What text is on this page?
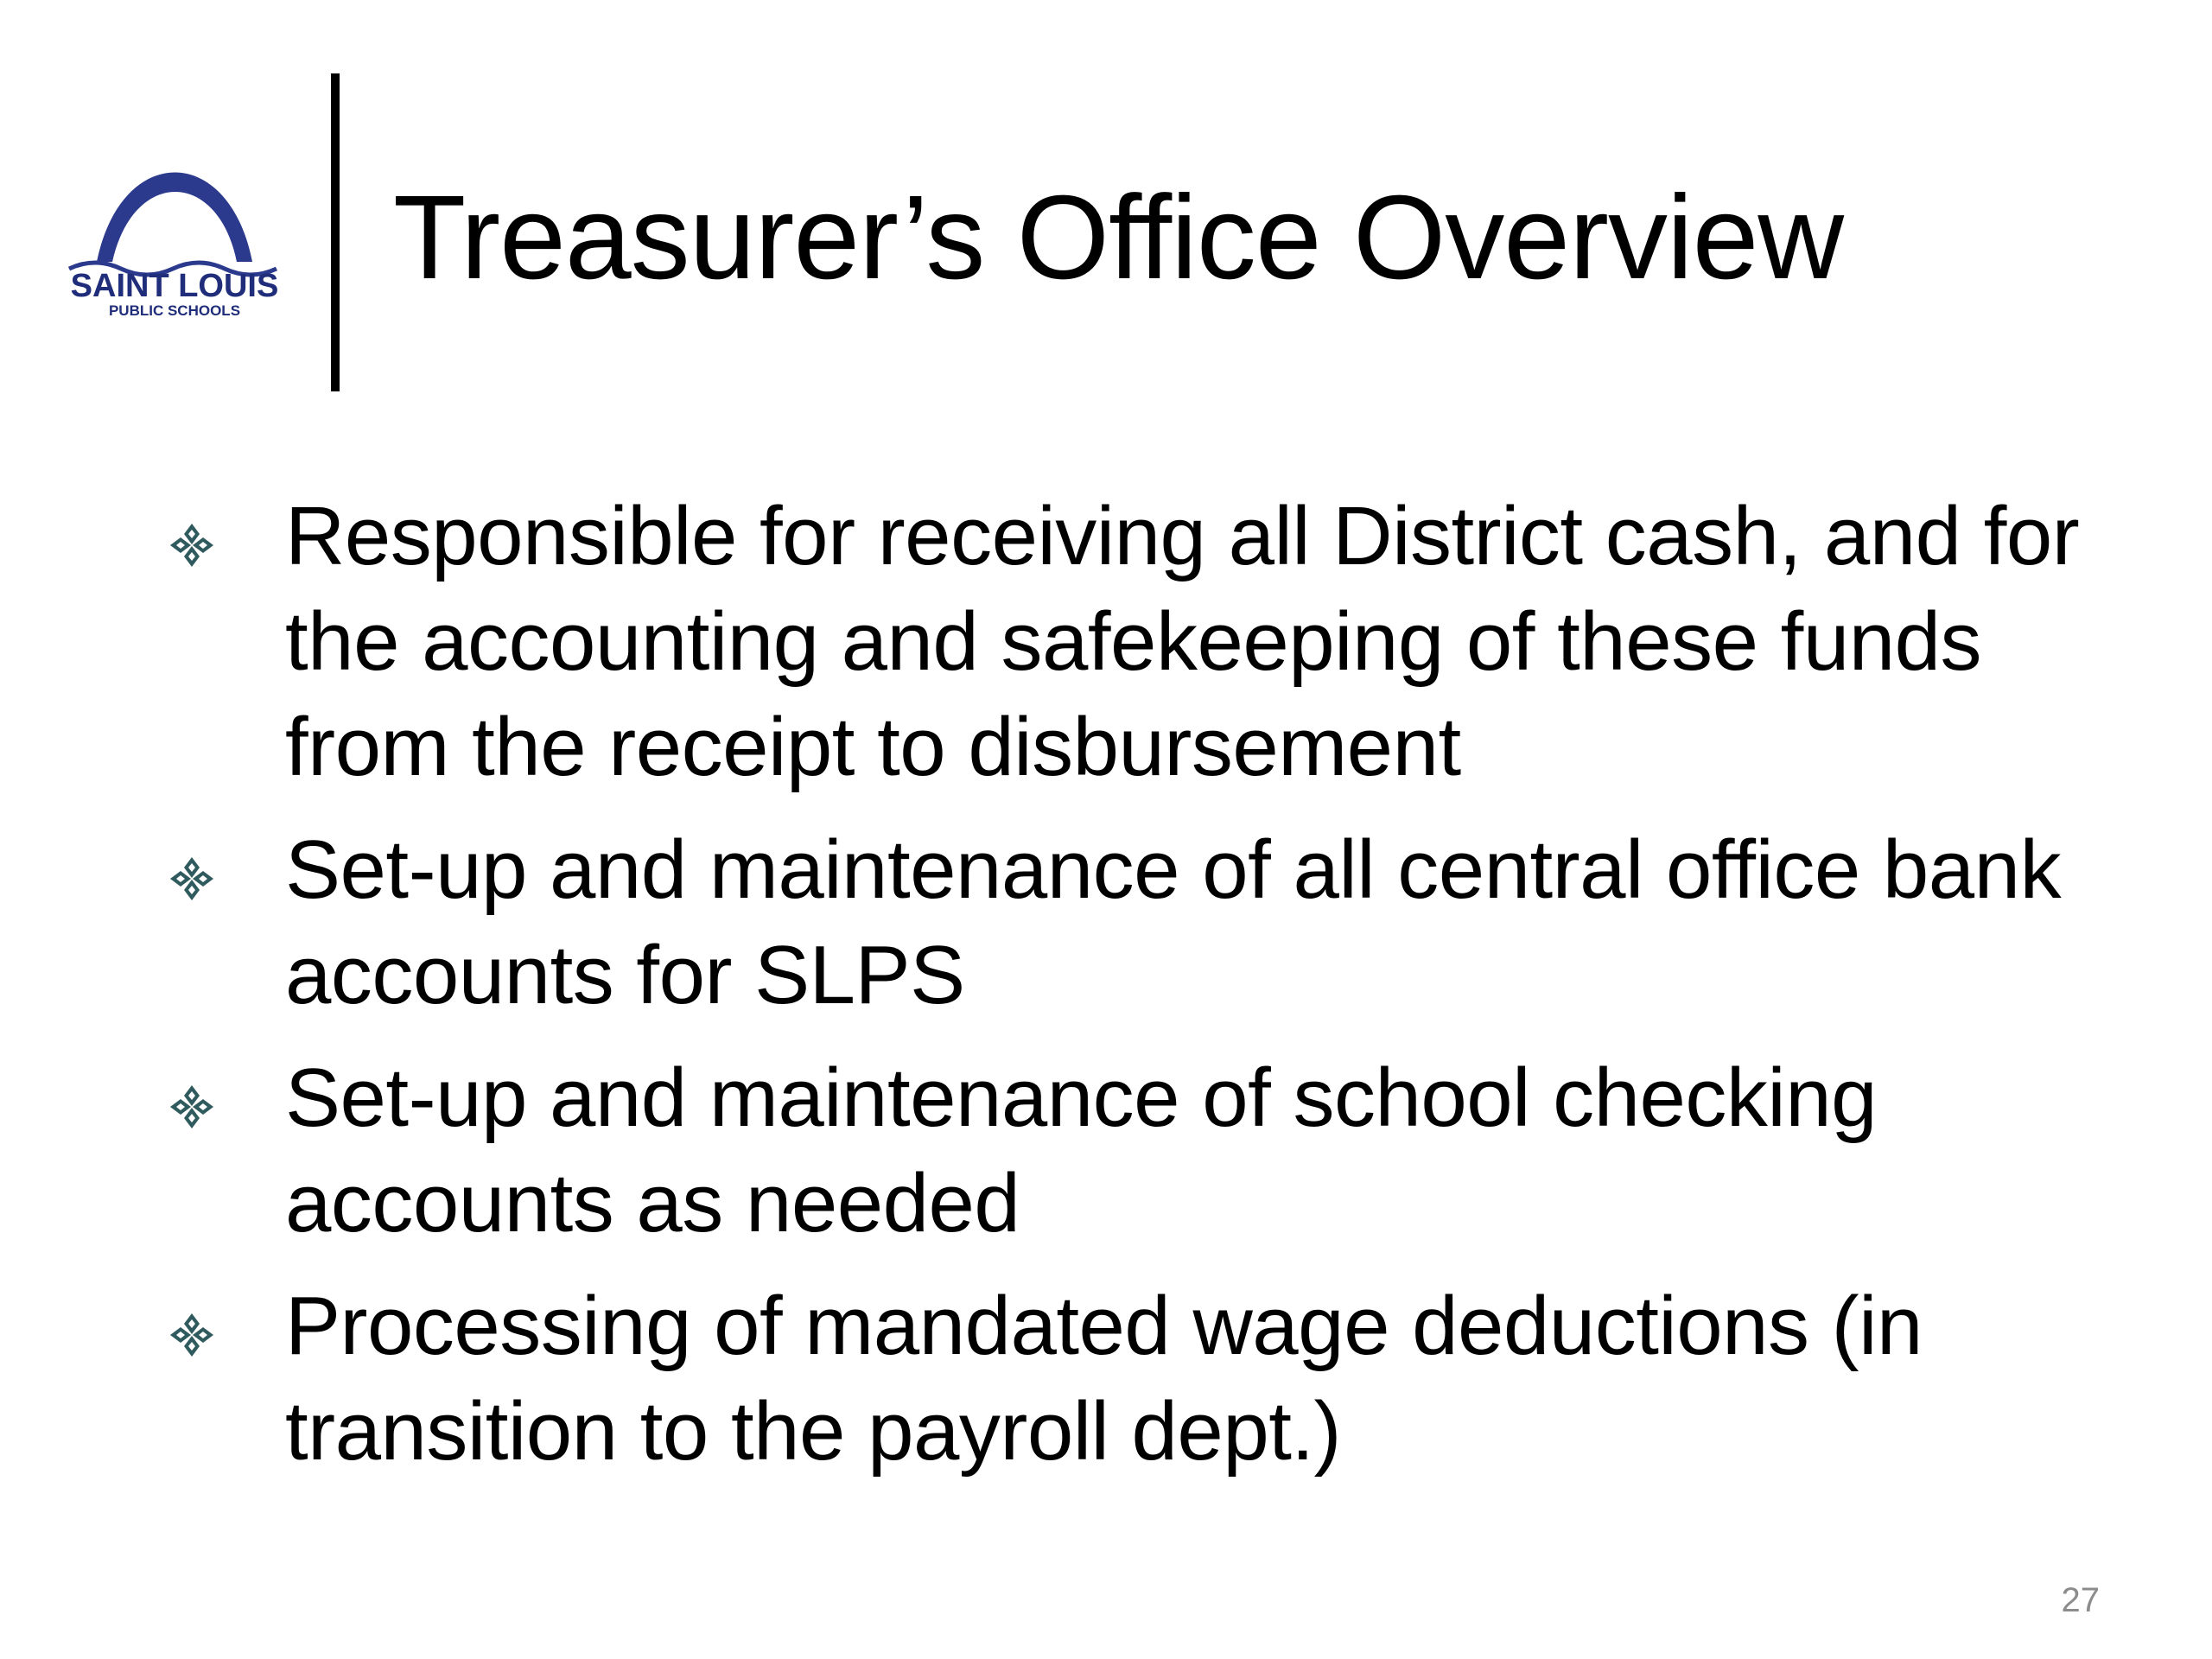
SAINT LOUIS
PUBLIC SCHOOLS
Treasurer’s Office Overview
Responsible for receiving all District cash, and for the accounting and safekeeping of these funds from the receipt to disbursement
Set-up and maintenance of all central office bank accounts for SLPS
Set-up and maintenance of school checking accounts as needed
Processing of mandated wage deductions (in transition to the payroll dept.)
27
